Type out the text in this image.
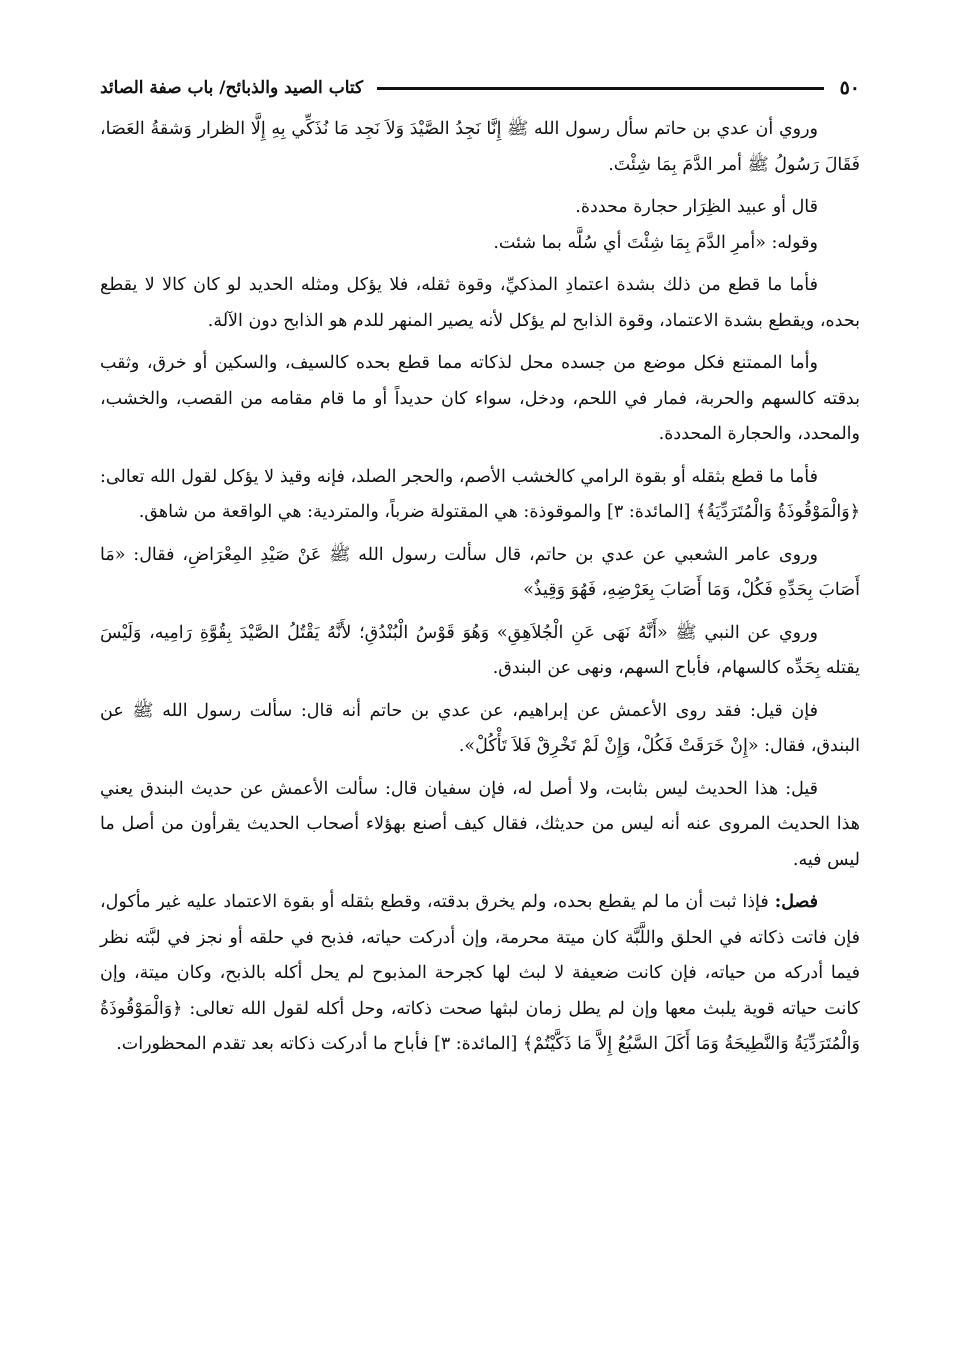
٥٠
كتاب الصيد والذبائح/ باب صفة الصائد

وروي أن عدي بن حاتم سأل رسول الله ﷺ إِنَّا نَجِدُ الصَّيْدَ وَلاَ نَجِد مَا نُذَكِّي بِهِ إِلَّا الظرار وَشقةُ العَصَا، فَقَالَ رَسُولُ ﷺ أمر الدَّمَ بِمَا شِئْتَ.

قال أو عبيد الظِرَار حجارة محددة.

وقوله: «أمرِ الدَّمَ بِمَا شِئْتَ أي سُلَّه بما شئت.

فأما ما قطع من ذلك بشدة اعتمادِ المذكيِّ، وقوة ثقله، فلا يؤكل ومثله الحديد لو كان كالا لا يقطع بحده، ويقطع بشدة الاعتماد، وقوة الذابح لم يؤكل لأنه يصير المنهر للدم هو الذابح دون الآلة.

وأما الممتنع فكل موضع من جسده محل لذكاته مما قطع بحده كالسيف، والسكين أو خرق، وثقب بدقته كالسهم والحربة، فمار في اللحم، ودخل، سواء كان حديداً أو ما قام مقامه من القصب، والخشب، والمحدد، والحجارة المحددة.

فأما ما قطع بثقله أو بقوة الرامي كالخشب الأصم، والحجر الصلد، فإنه وقيذ لا يؤكل لقول الله تعالى: ﴿وَالْمَوْقُوذَةُ وَالْمُتَرَدِّيَةُ﴾ [المائدة: ٣] والموقوذة: هي المقتولة ضرباً، والمتردية: هي الواقعة من شاهق.

وروى عامر الشعبي عن عدي بن حاتم، قال سألت رسول الله ﷺ عَنْ صَيْدِ المِعْرَاضِ، فقال: «مَا أَصَابَ بِحَدِّهِ فَكُلْ، وَمَا أَصَابَ بِعَرْضِهِ، فَهُوَ وَقِيذٌ»

وروي عن النبي ﷺ «أَنَّهُ نَهَى عَنِ الْجُلاَهِقِ» وَهُوَ قَوْسُ الْبُنْدُقِ؛ لأَنَّهُ يَقْتُلُ الصَّيْدَ بِقُوَّةِ رَامِيه، وَلَيْسَ يقتله بِحَدِّه كالسهام، فأباح السهم، ونهى عن البندق.

فإن قيل: فقد روى الأعمش عن إبراهيم، عن عدي بن حاتم أنه قال: سألت رسول الله ﷺ عن البندق، فقال: «إِنْ خَرَقَتْ فَكُلْ، وَإِنْ لَمْ تَخْرِقْ فَلاَ تَأْكُلْ».

قيل: هذا الحديث ليس بثابت، ولا أصل له، فإن سفيان قال: سألت الأعمش عن حديث البندق يعني هذا الحديث المروى عنه أنه ليس من حديثك، فقال كيف أصنع بهؤلاء أصحاب الحديث يقرأون من أصل ما ليس فيه.

فصل: فإذا ثبت أن ما لم يقطع بحده، ولم يخرق بدقته، وقطع بثقله أو بقوة الاعتماد عليه غير مأكول، فإن فاتت ذكاته في الحلق واللَّبَّة كان ميتة محرمة، وإن أدركت حياته، فذبح في حلقه أو نجز في لبَّته نظر فيما أدركه من حياته، فإن كانت ضعيفة لا لبث لها كجرحة المذبوح لم يحل أكله بالذبح، وكان ميتة، وإن كانت حياته قوية يلبث معها وإن لم يطل زمان لبثها صحت ذكاته، وحل أكله لقول الله تعالى: ﴿وَالْمَوْقُوذَةُ وَالْمُتَرَدِّيَةُ وَالنَّطِيحَةُ وَمَا أَكَلَ السَّبُعُ إِلاَّ مَا ذَكَّيْتُمْ﴾ [المائدة: ٣] فأباح ما أدركت ذكاته بعد تقدم المحظورات.
